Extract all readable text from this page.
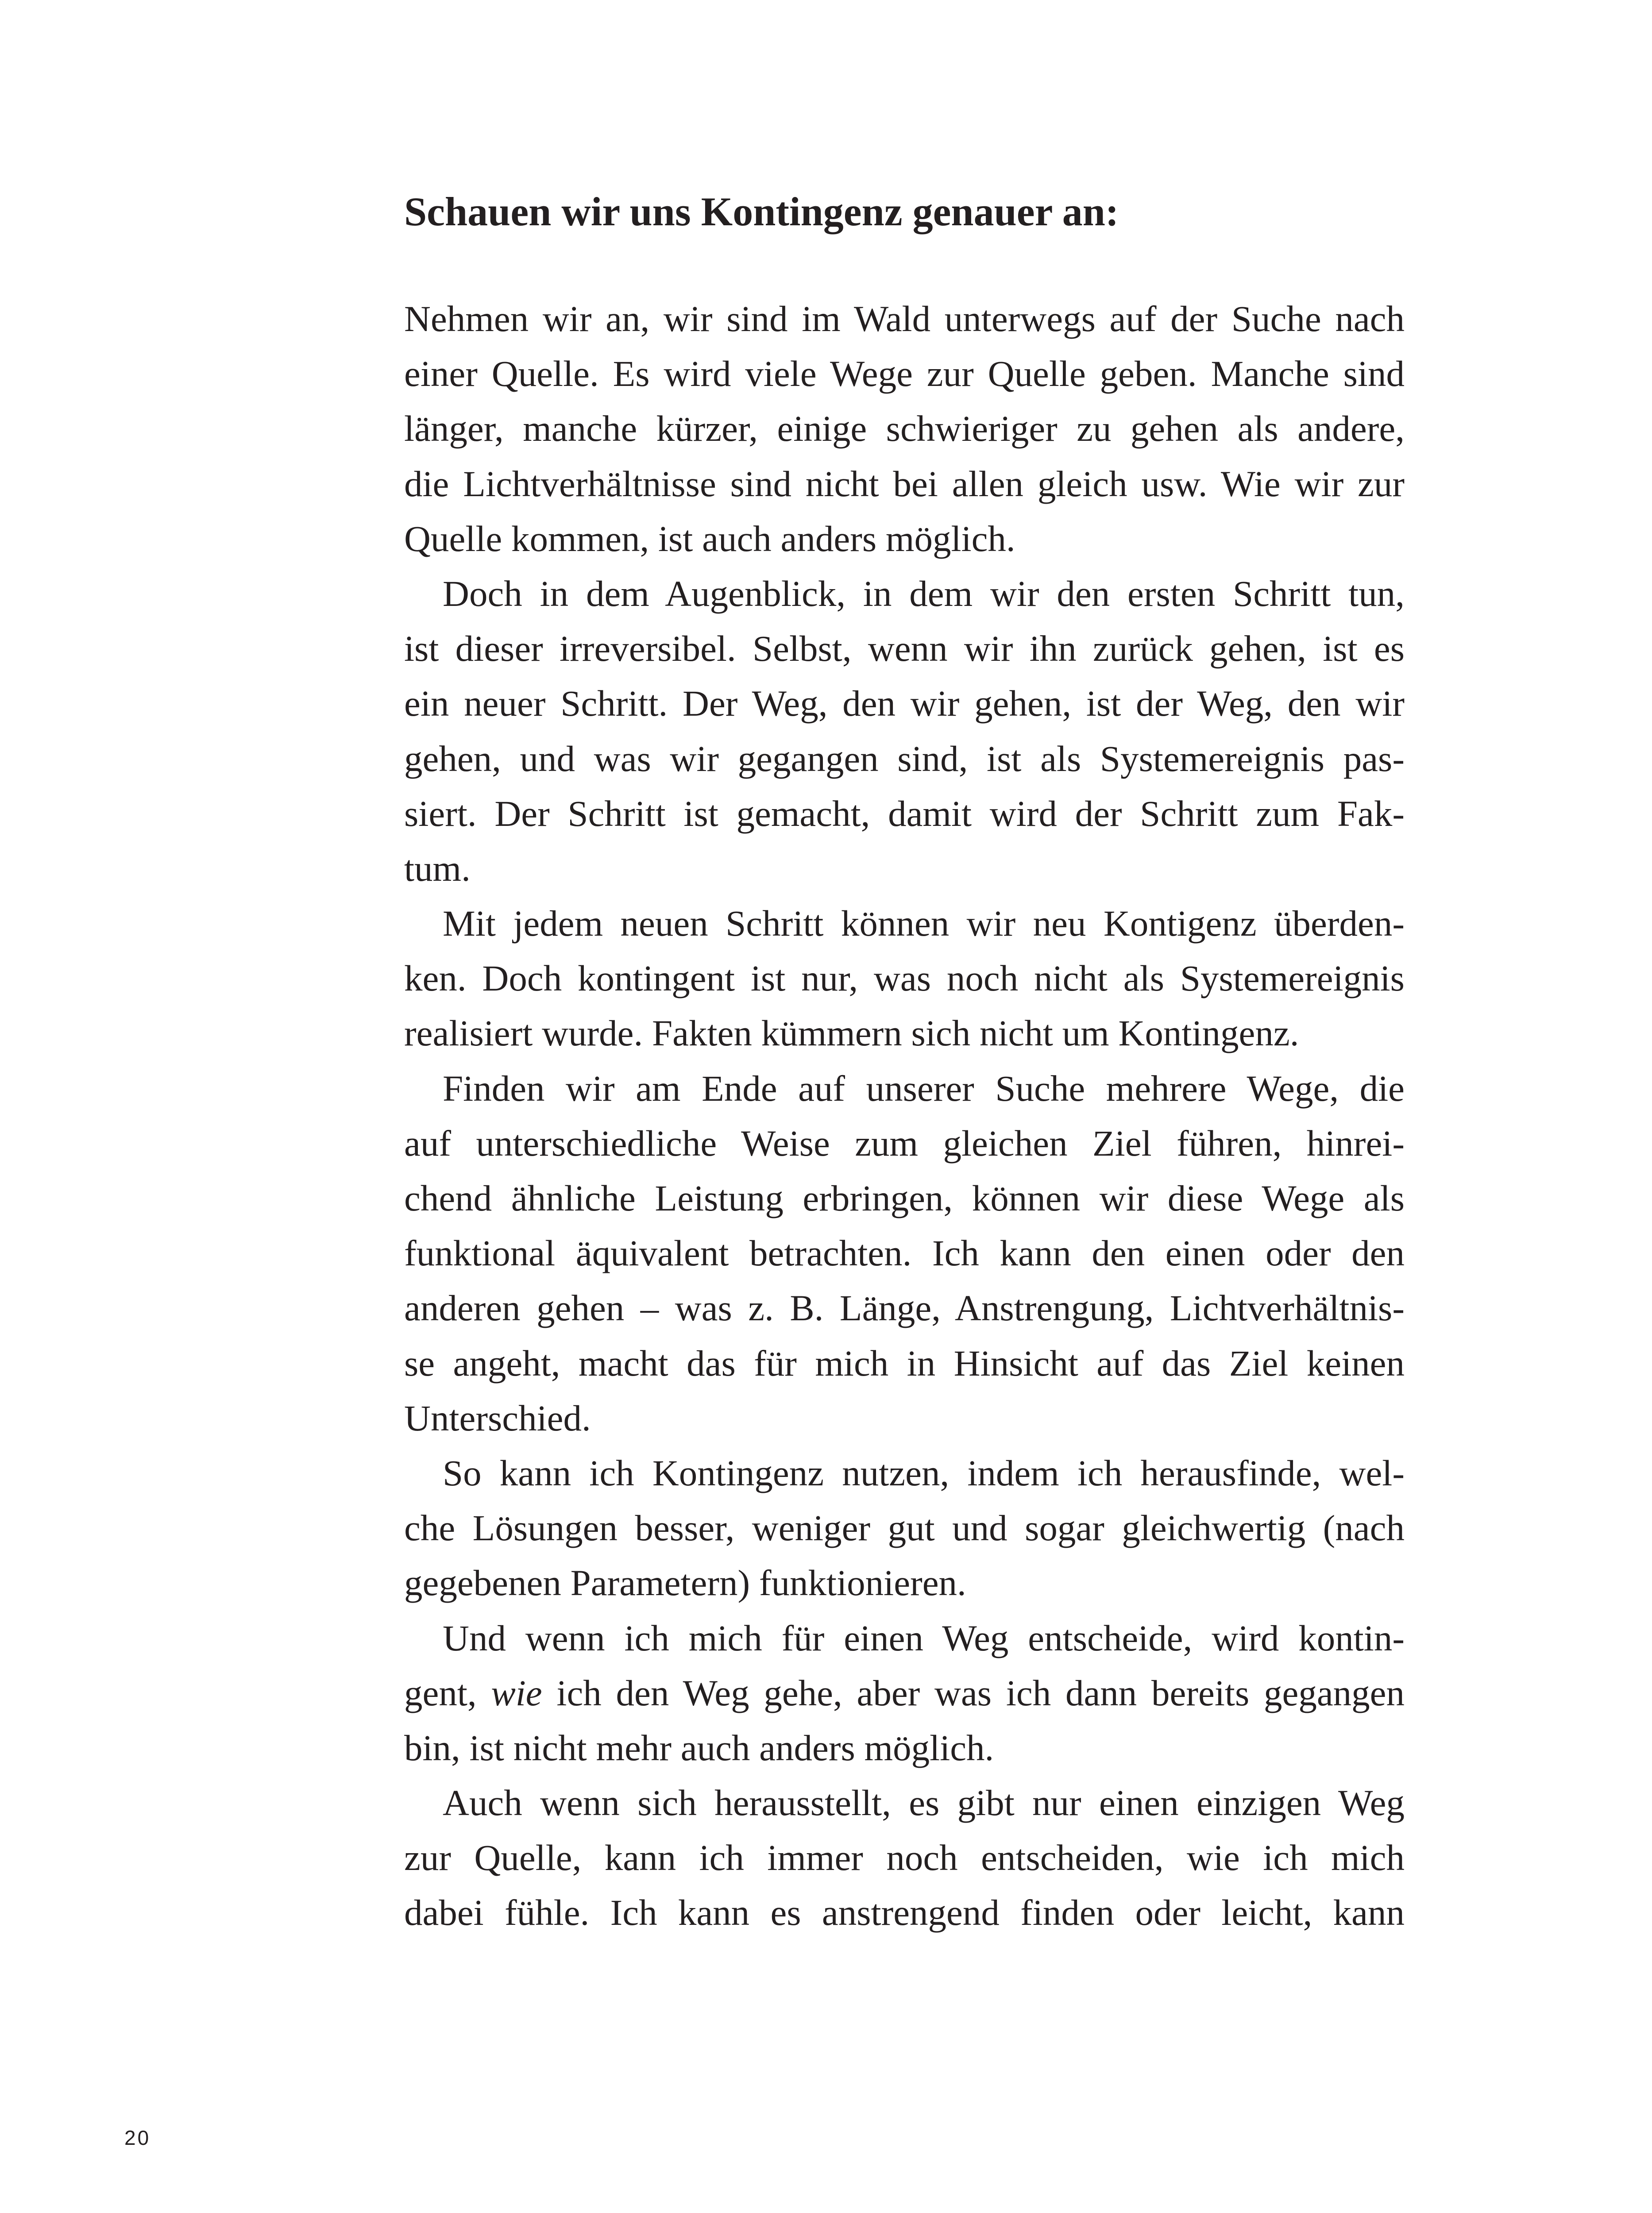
Schauen wir uns Kontingenz genauer an:
Nehmen wir an, wir sind im Wald unterwegs auf der Suche nach
einer Quelle. Es wird viele Wege zur Quelle geben. Manche sind
länger, manche kürzer, einige schwieriger zu gehen als andere,
die Lichtverhältnisse sind nicht bei allen gleich usw. Wie wir zur
Quelle kommen, ist auch anders möglich.
Doch in dem Augenblick, in dem wir den ersten Schritt tun,
ist dieser irreversibel. Selbst, wenn wir ihn zurück gehen, ist es
ein neuer Schritt. Der Weg, den wir gehen, ist der Weg, den wir
gehen, und was wir gegangen sind, ist als Systemereignis pas-
siert. Der Schritt ist gemacht, damit wird der Schritt zum Fak-
tum.
Mit jedem neuen Schritt können wir neu Kontigenz überden-
ken. Doch kontingent ist nur, was noch nicht als Systemereignis
realisiert wurde. Fakten kümmern sich nicht um Kontingenz.
Finden wir am Ende auf unserer Suche mehrere Wege, die
auf unterschiedliche Weise zum gleichen Ziel führen, hinrei-
chend ähnliche Leistung erbringen, können wir diese Wege als
funktional äquivalent betrachten. Ich kann den einen oder den
anderen gehen – was z. B. Länge, Anstrengung, Lichtverhältnis-
se angeht, macht das für mich in Hinsicht auf das Ziel keinen
Unterschied.
So kann ich Kontingenz nutzen, indem ich herausfinde, wel-
che Lösungen besser, weniger gut und sogar gleichwertig (nach
gegebenen Parametern) funktionieren.
Und wenn ich mich für einen Weg entscheide, wird kontin-
gent, wie ich den Weg gehe, aber was ich dann bereits gegangen
bin, ist nicht mehr auch anders möglich.
Auch wenn sich herausstellt, es gibt nur einen einzigen Weg
zur Quelle, kann ich immer noch entscheiden, wie ich mich
dabei fühle. Ich kann es anstrengend finden oder leicht, kann
20
